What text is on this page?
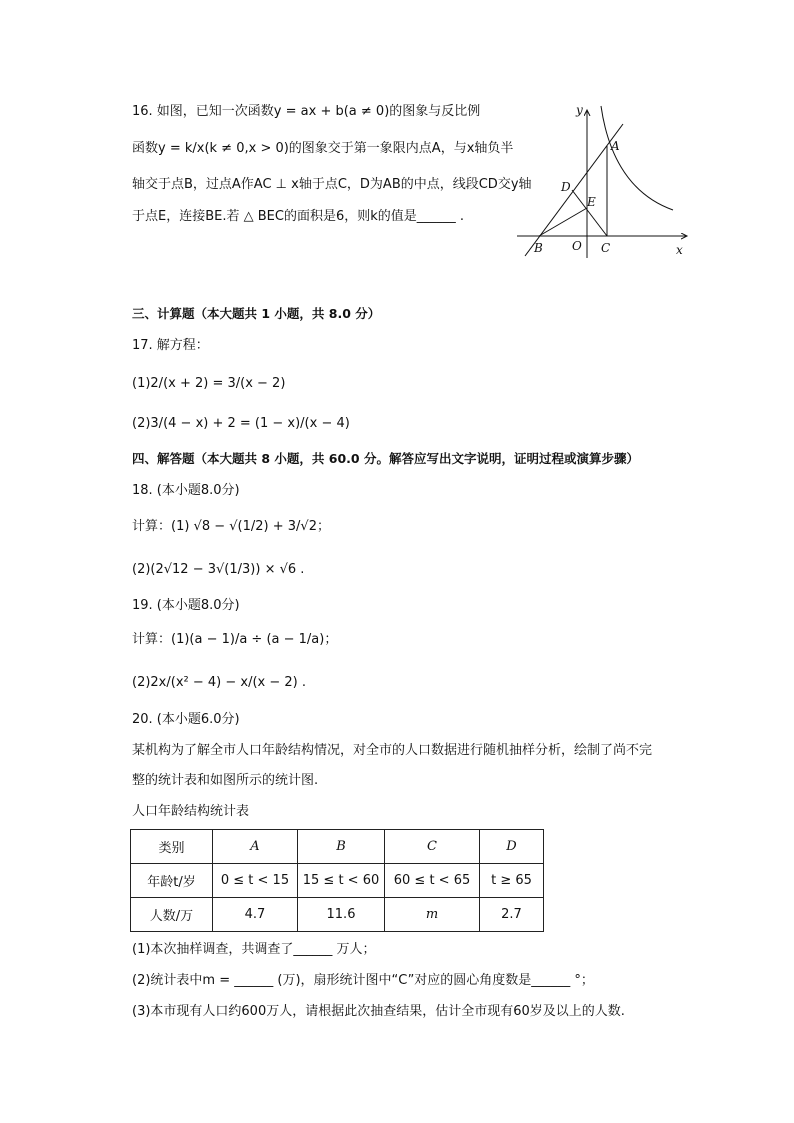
16. 如图，已知一次函数y = ax + b(a ≠ 0)的图象与反比例
函数y = k/x(k ≠ 0,x > 0)的图象交于第一象限内点A，与x轴负半
轴交于点B，过点A作AC ⊥ x轴于点C，D为AB的中点，线段CD交y轴
于点E，连接BE.若 △ BEC的面积是6，则k的值是______ .
y
x
A
D
E
B O C
三、计算题（本大题共 1 小题，共 8.0 分）
17. 解方程：
(1)2/(x + 2) = 3/(x − 2)
(2)3/(4 − x) + 2 = (1 − x)/(x − 4)
四、解答题（本大题共 8 小题，共 60.0 分。解答应写出文字说明，证明过程或演算步骤）
18. (本小题8.0分)
计算：(1) √8 − √(1/2) + 3/√2；
(2)(2√12 − 3√(1/3)) × √6 .
19. (本小题8.0分)
计算：(1)(a − 1)/a ÷ (a − 1/a)；
(2)2x/(x² − 4) − x/(x − 2) .
20. (本小题6.0分)
某机构为了解全市人口年龄结构情况，对全市的人口数据进行随机抽样分析，绘制了尚不完
整的统计表和如图所示的统计图.
人口年龄结构统计表
类别	A	B	C	D
年龄t/岁	0 ≤ t < 15	15 ≤ t < 60	60 ≤ t < 65	t ≥ 65
人数/万	4.7	11.6	m	2.7
(1)本次抽样调查，共调查了______ 万人；
(2)统计表中m = ______ (万)，扇形统计图中“C”对应的圆心角度数是______ °；
(3)本市现有人口约600万人，请根据此次抽查结果，估计全市现有60岁及以上的人数.
